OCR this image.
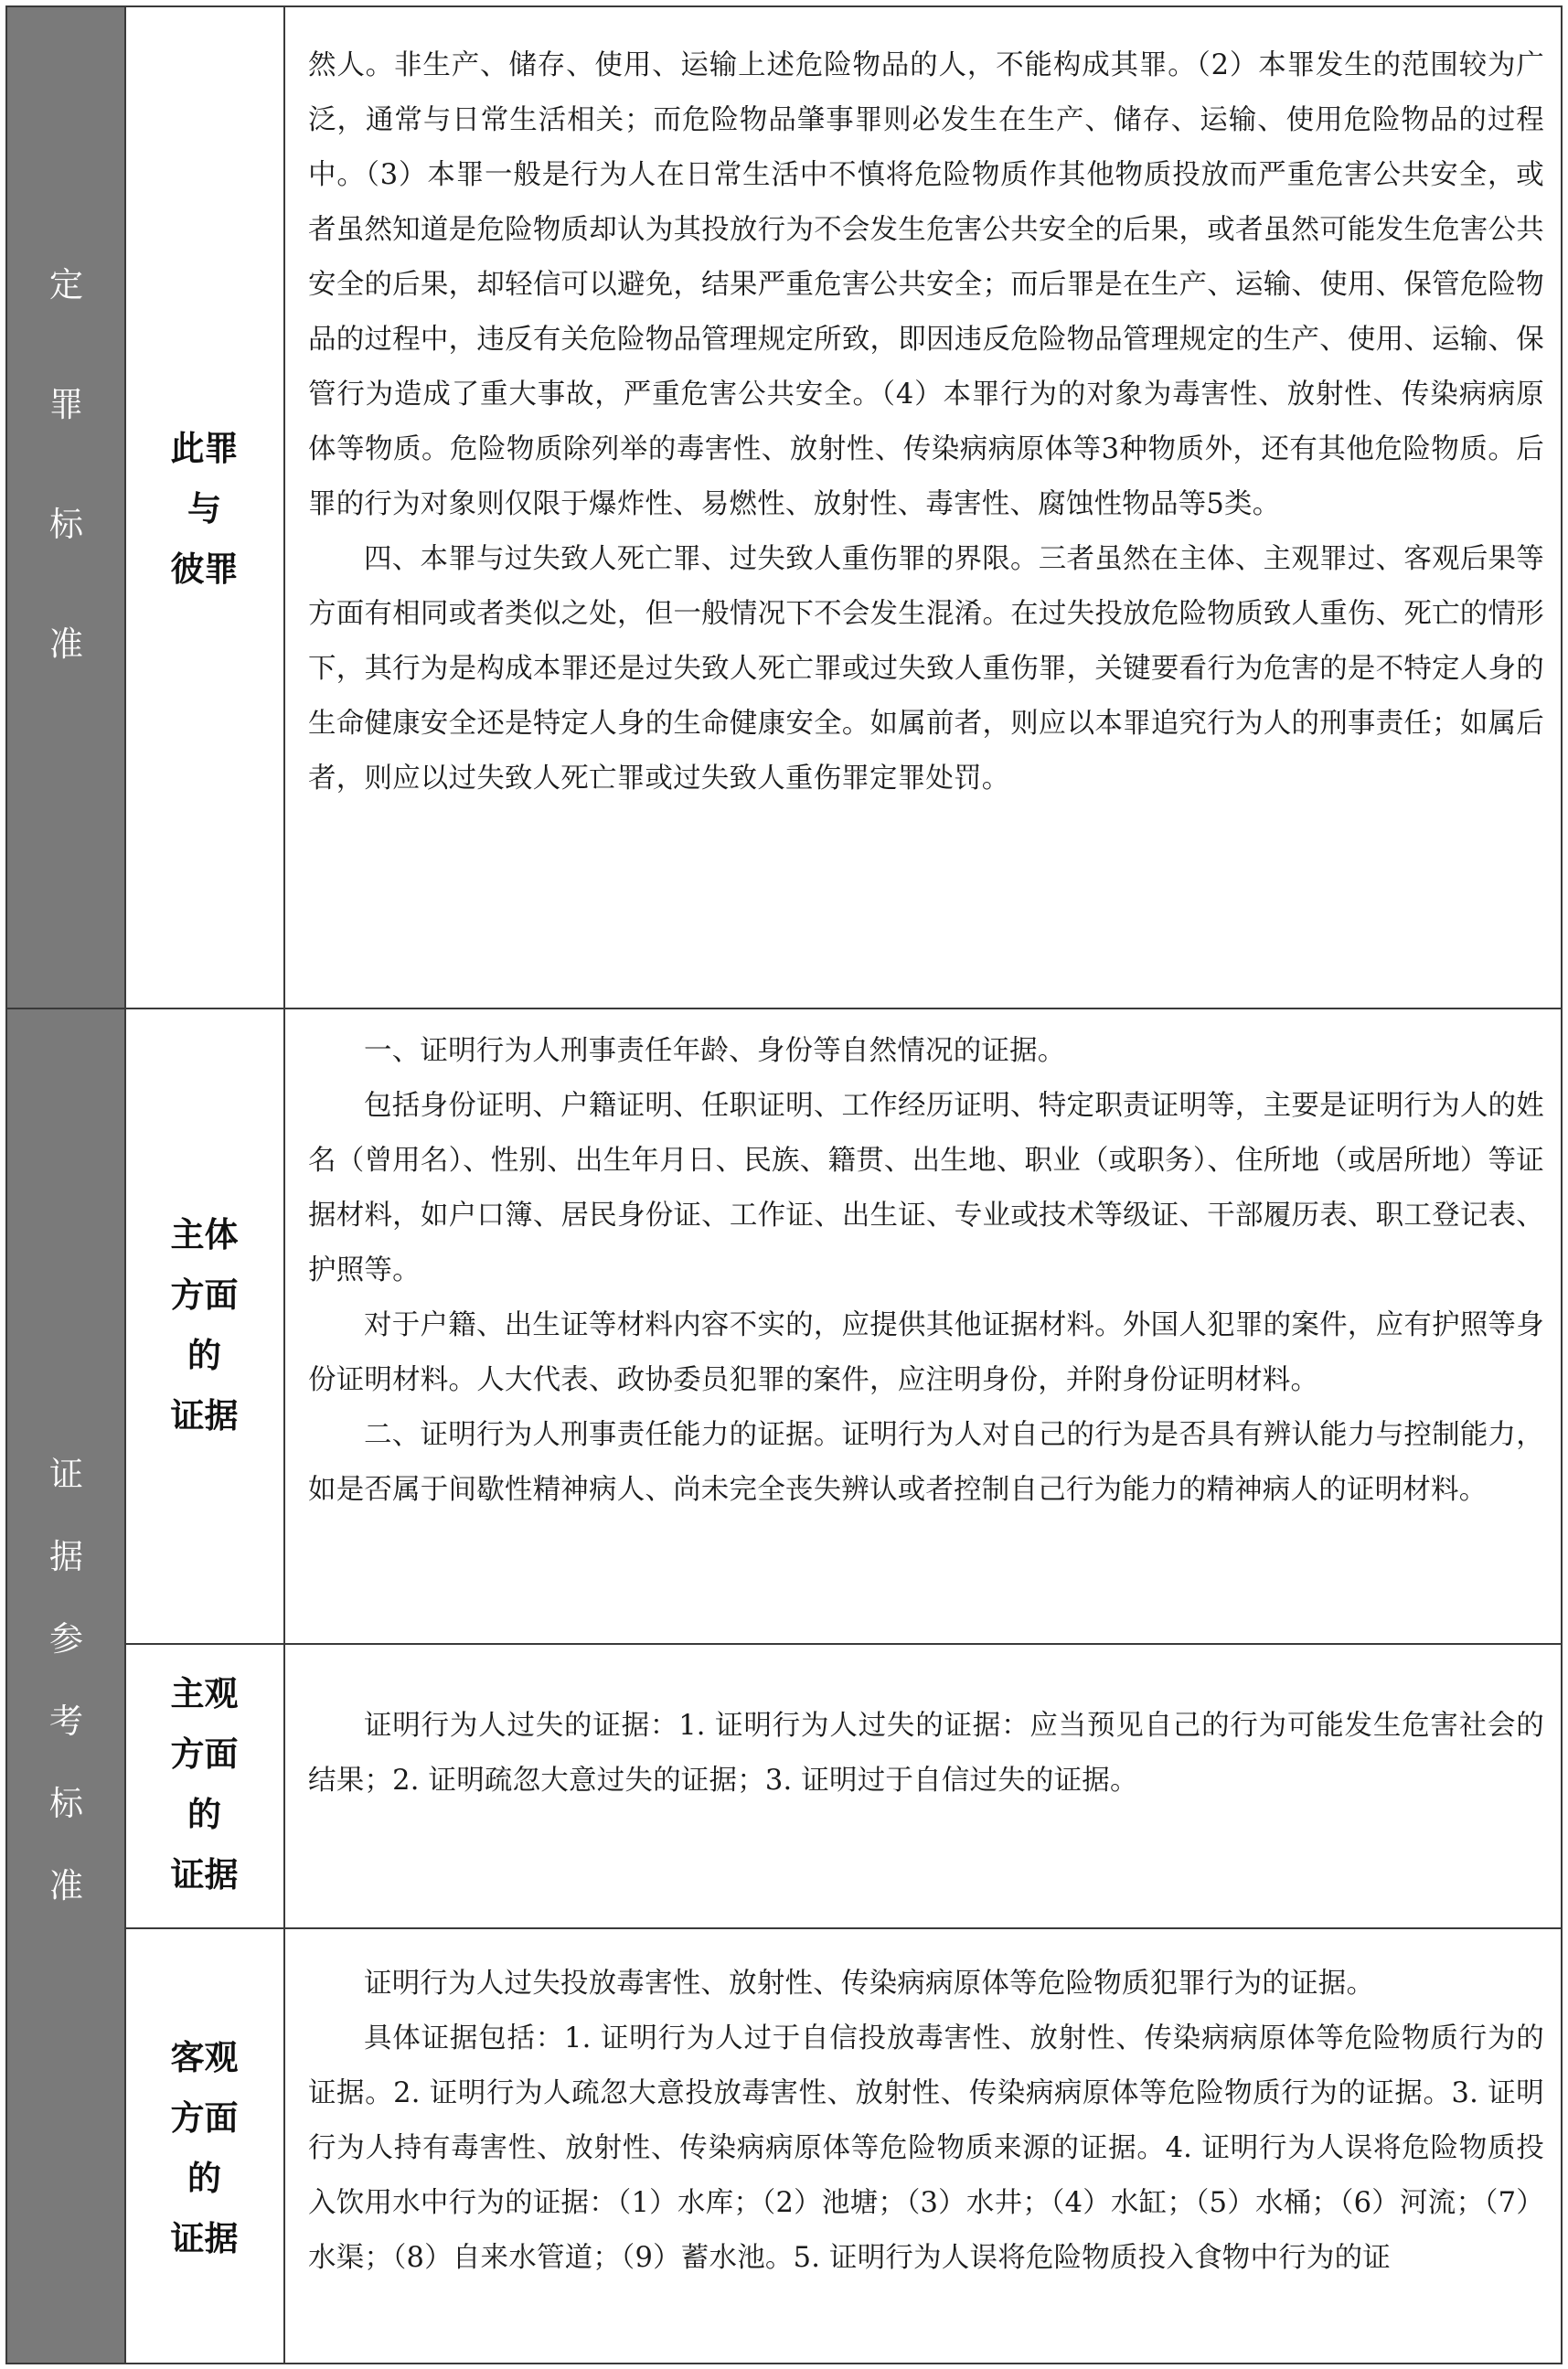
定
罪
标
准
证
据
参
考
标
准
此罪
与
彼罪

然人。非生产、储存、使用、运输上述危险物品的人，不能构成其罪。（2）本罪发生的范围较为广泛，通常与日常生活相关；而危险物品肇事罪则必发生在生产、储存、运输、使用危险物品的过程中。（3）本罪一般是行为人在日常生活中不慎将危险物质作其他物质投放而严重危害公共安全，或者虽然知道是危险物质却认为其投放行为不会发生危害公共安全的后果，或者虽然可能发生危害公共安全的后果，却轻信可以避免，结果严重危害公共安全；而后罪是在生产、运输、使用、保管危险物品的过程中，违反有关危险物品管理规定所致，即因违反危险物品管理规定的生产、使用、运输、保管行为造成了重大事故，严重危害公共安全。（4）本罪行为的对象为毒害性、放射性、传染病病原体等物质。危险物质除列举的毒害性、放射性、传染病病原体等3种物质外，还有其他危险物质。后罪的行为对象则仅限于爆炸性、易燃性、放射性、毒害性、腐蚀性物品等5类。

四、本罪与过失致人死亡罪、过失致人重伤罪的界限。三者虽然在主体、主观罪过、客观后果等方面有相同或者类似之处，但一般情况下不会发生混淆。在过失投放危险物质致人重伤、死亡的情形下，其行为是构成本罪还是过失致人死亡罪或过失致人重伤罪，关键要看行为危害的是不特定人身的生命健康安全还是特定人身的生命健康安全。如属前者，则应以本罪追究行为人的刑事责任；如属后者，则应以过失致人死亡罪或过失致人重伤罪定罪处罚。

主体
方面
的
证据

一、证明行为人刑事责任年龄、身份等自然情况的证据。

包括身份证明、户籍证明、任职证明、工作经历证明、特定职责证明等，主要是证明行为人的姓名（曾用名）、性别、出生年月日、民族、籍贯、出生地、职业（或职务）、住所地（或居所地）等证据材料，如户口簿、居民身份证、工作证、出生证、专业或技术等级证、干部履历表、职工登记表、护照等。

对于户籍、出生证等材料内容不实的，应提供其他证据材料。外国人犯罪的案件，应有护照等身份证明材料。人大代表、政协委员犯罪的案件，应注明身份，并附身份证明材料。

二、证明行为人刑事责任能力的证据。证明行为人对自己的行为是否具有辨认能力与控制能力，如是否属于间歇性精神病人、尚未完全丧失辨认或者控制自己行为能力的精神病人的证明材料。

主观
方面
的
证据

证明行为人过失的证据：1. 证明行为人过失的证据：应当预见自己的行为可能发生危害社会的结果；2. 证明疏忽大意过失的证据；3. 证明过于自信过失的证据。

客观
方面
的
证据

证明行为人过失投放毒害性、放射性、传染病病原体等危险物质犯罪行为的证据。

具体证据包括：1. 证明行为人过于自信投放毒害性、放射性、传染病病原体等危险物质行为的证据。2. 证明行为人疏忽大意投放毒害性、放射性、传染病病原体等危险物质行为的证据。3. 证明行为人持有毒害性、放射性、传染病病原体等危险物质来源的证据。4. 证明行为人误将危险物质投入饮用水中行为的证据：（1）水库；（2）池塘；（3）水井；（4）水缸；（5）水桶；（6）河流；（7）水渠；（8）自来水管道；（9）蓄水池。5. 证明行为人误将危险物质投入食物中行为的证
